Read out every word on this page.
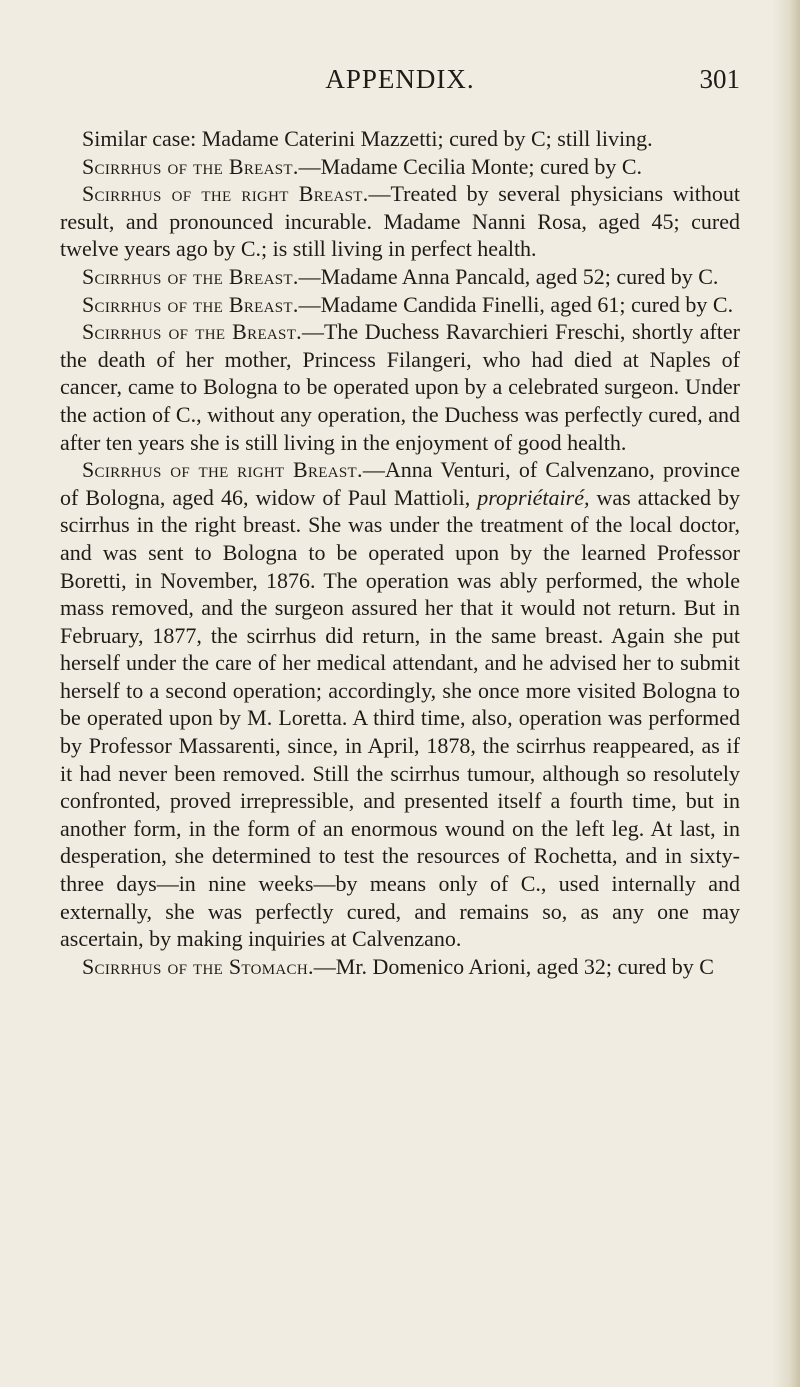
APPENDIX.	301

Similar case: Madame Caterini Mazzetti; cured by C; still living.

Scirrhus of the Breast.—Madame Cecilia Monte; cured by C.

Scirrhus of the right Breast.—Treated by several physicians without result, and pronounced incurable. Madame Nanni Rosa, aged 45; cured twelve years ago by C.; is still living in perfect health.

Scirrhus of the Breast.—Madame Anna Pancald, aged 52; cured by C.

Scirrhus of the Breast.—Madame Candida Finelli, aged 61; cured by C.

Scirrhus of the Breast.—The Duchess Ravarchieri Freschi, shortly after the death of her mother, Princess Filangeri, who had died at Naples of cancer, came to Bologna to be operated upon by a celebrated surgeon. Under the action of C., without any operation, the Duchess was perfectly cured, and after ten years she is still living in the enjoyment of good health.

Scirrhus of the right Breast.—Anna Venturi, of Calvenzano, province of Bologna, aged 46, widow of Paul Mattioli, propriétairé, was attacked by scirrhus in the right breast. She was under the treatment of the local doctor, and was sent to Bologna to be operated upon by the learned Professor Boretti, in November, 1876. The operation was ably performed, the whole mass removed, and the surgeon assured her that it would not return. But in February, 1877, the scirrhus did return, in the same breast. Again she put herself under the care of her medical attendant, and he advised her to submit herself to a second operation; accordingly, she once more visited Bologna to be operated upon by M. Loretta. A third time, also, operation was performed by Professor Massarenti, since, in April, 1878, the scirrhus reappeared, as if it had never been removed. Still the scirrhus tumour, although so resolutely confronted, proved irrepressible, and presented itself a fourth time, but in another form, in the form of an enormous wound on the left leg. At last, in desperation, she determined to test the resources of Rochetta, and in sixty-three days—in nine weeks—by means only of C., used internally and externally, she was perfectly cured, and remains so, as any one may ascertain, by making inquiries at Calvenzano.

Scirrhus of the Stomach.—Mr. Domenico Arioni, aged 32; cured by C
